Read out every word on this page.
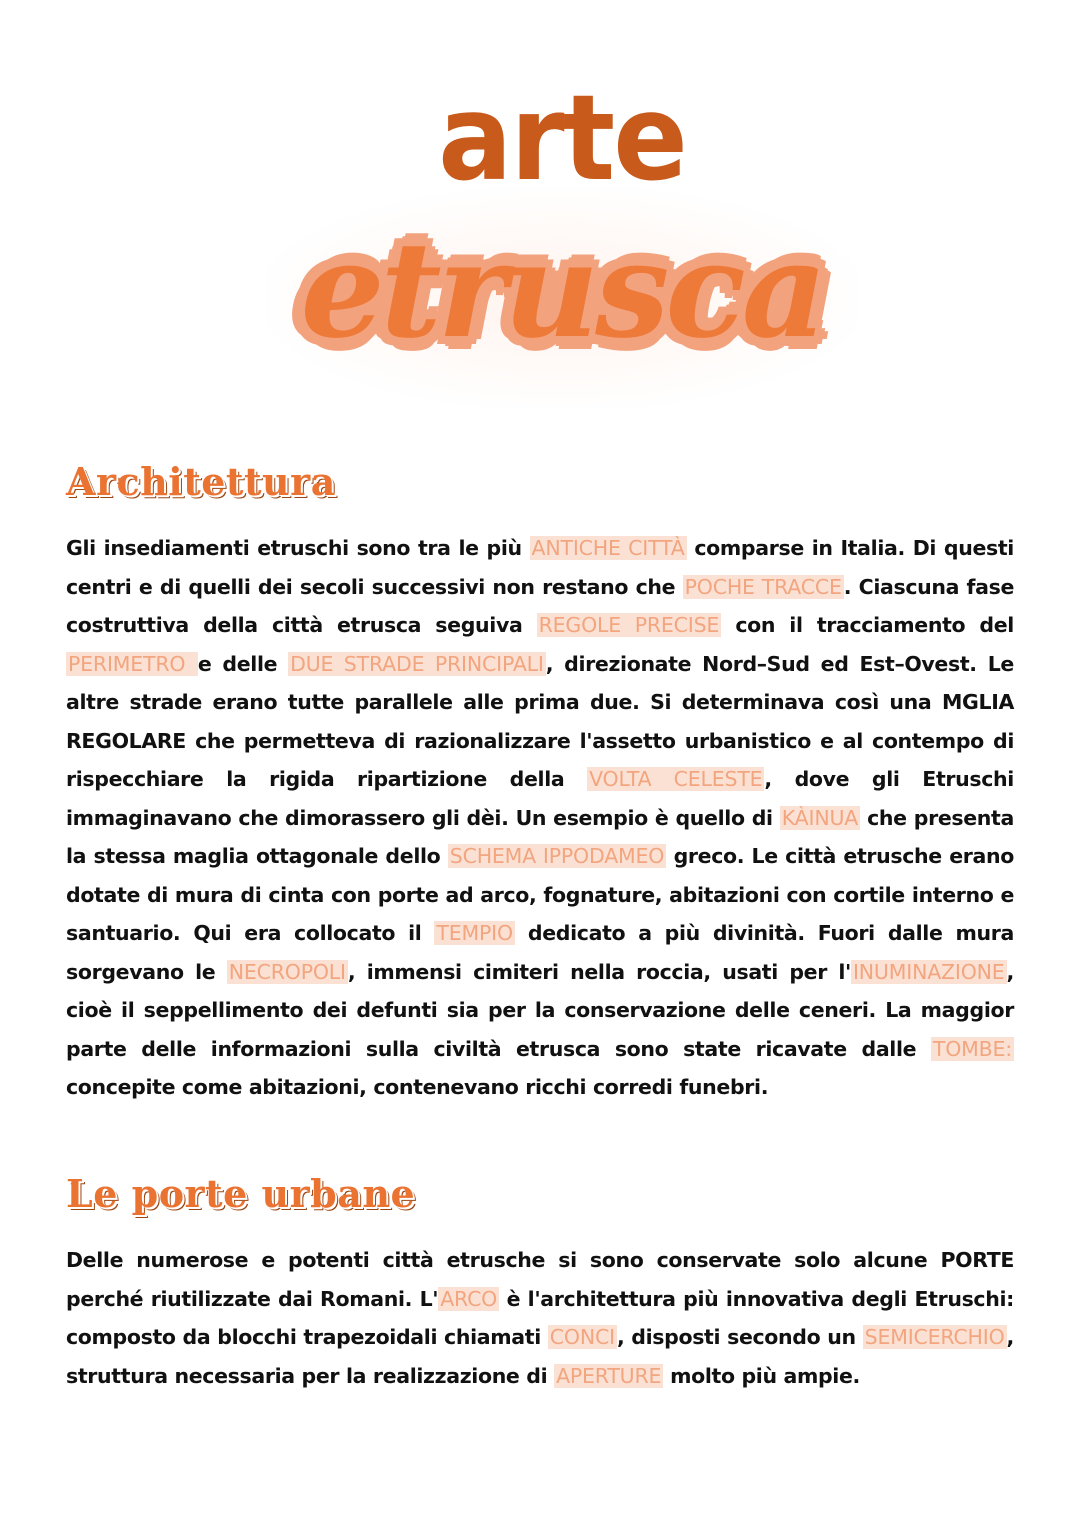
etrusca
arte
Architettura

Gli insediamenti etruschi sono tra le più ANTICHE CITTÀ comparse in Italia. Di questi centri e di quelli dei secoli successivi non restano che POCHE TRACCE. Ciascuna fase costruttiva della città etrusca seguiva REGOLE PRECISE con il tracciamento del PERIMETRO e delle DUE STRADE PRINCIPALI, direzionate Nord–Sud ed Est–Ovest. Le altre strade erano tutte parallele alle prima due. Si determinava così una MGLIA REGOLARE che permetteva di razionalizzare l'assetto urbanistico e al contempo di rispecchiare la rigida ripartizione della VOLTA CELESTE, dove gli Etruschi immaginavano che dimorassero gli dèi. Un esempio è quello di KÀINUA che presenta la stessa maglia ottagonale dello SCHEMA IPPODAMEO greco. Le città etrusche erano dotate di mura di cinta con porte ad arco, fognature, abitazioni con cortile interno e santuario. Qui era collocato il TEMPIO dedicato a più divinità. Fuori dalle mura sorgevano le NECROPOLI, immensi cimiteri nella roccia, usati per l'INUMINAZIONE, cioè il seppellimento dei defunti sia per la conservazione delle ceneri. La maggior parte delle informazioni sulla civiltà etrusca sono state ricavate dalle TOMBE: concepite come abitazioni, contenevano ricchi corredi funebri.

Le porte urbane

Delle numerose e potenti città etrusche si sono conservate solo alcune PORTE perché riutilizzate dai Romani. L'ARCO è l'architettura più innovativa degli Etruschi: composto da blocchi trapezoidali chiamati CONCI, disposti secondo un SEMICERCHIO, struttura necessaria per la realizzazione di APERTURE molto più ampie.
